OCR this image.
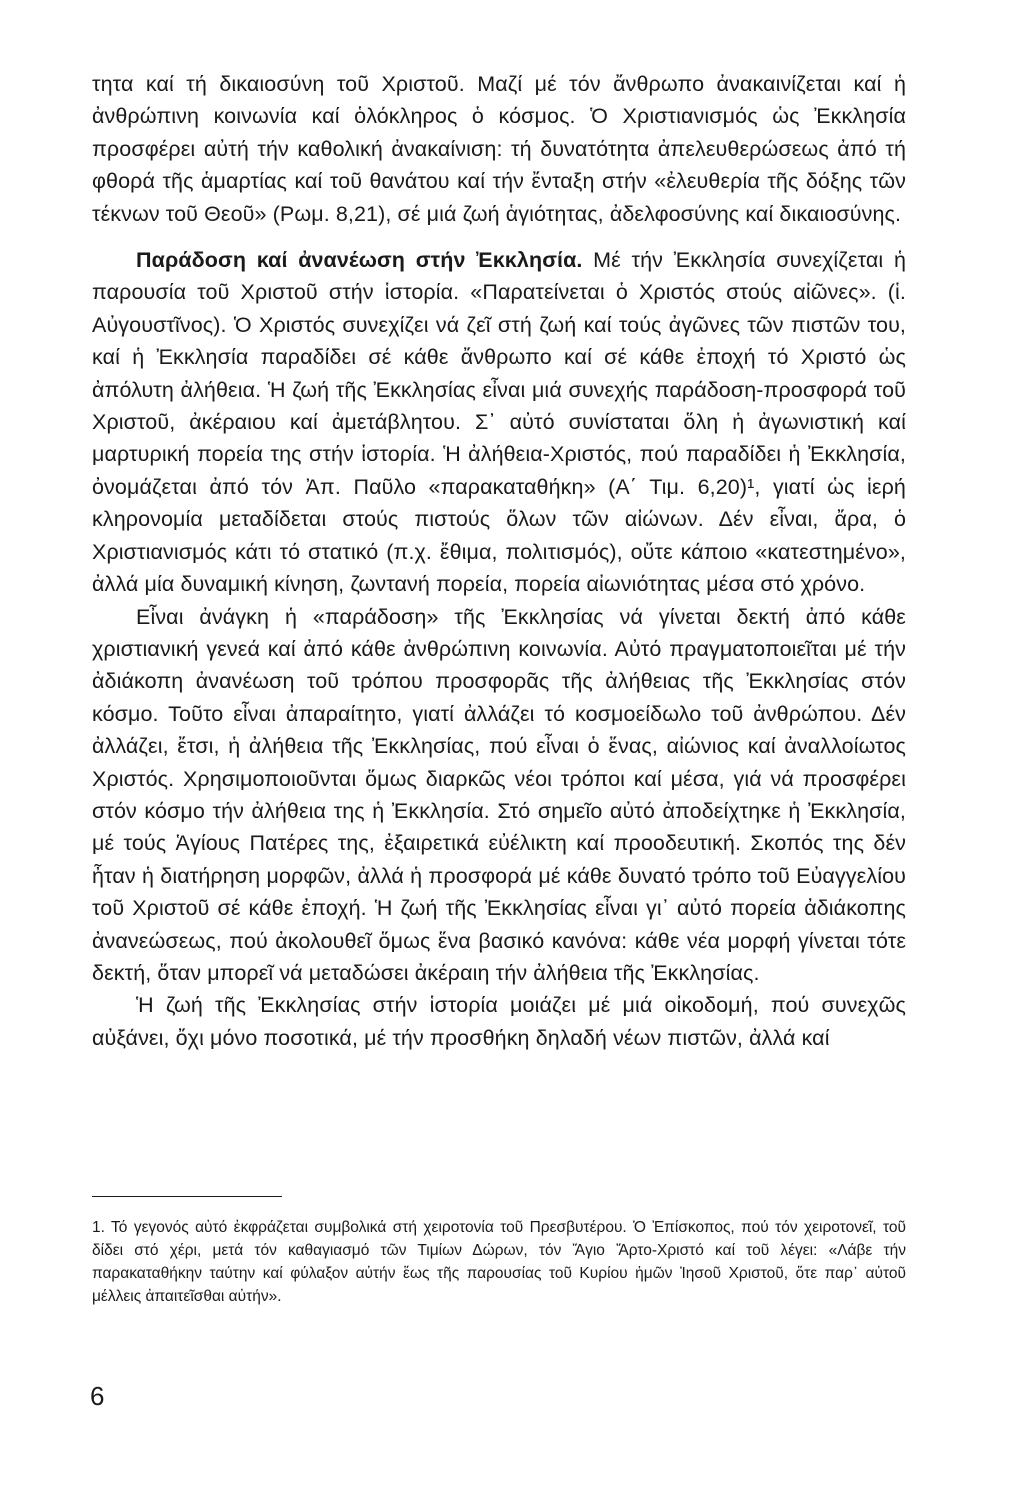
τητα καί τή δικαιοσύνη τοῦ Χριστοῦ. Μαζί μέ τόν ἄνθρωπο ἀνακαινίζεται καί ἡ ἀνθρώπινη κοινωνία καί ὁλόκληρος ὁ κόσμος. Ὁ Χριστιανισμός ὡς Ἐκκλησία προσφέρει αὐτή τήν καθολική ἀνακαίνιση: τή δυνατότητα ἀπελευθερώσεως ἀπό τή φθορά τῆς ἁμαρτίας καί τοῦ θανάτου καί τήν ἔνταξη στήν «ἐλευθερία τῆς δόξης τῶν τέκνων τοῦ Θεοῦ» (Ρωμ. 8,21), σέ μιά ζωή ἁγιότητας, ἀδελφοσύνης καί δικαιοσύνης.

Παράδοση καί ἀνανέωση στήν Ἐκκλησία. Μέ τήν Ἐκκλησία συνεχίζεται ἡ παρουσία τοῦ Χριστοῦ στήν ἱστορία. «Παρατείνεται ὁ Χριστός στούς αἰῶνες». (ἱ. Αὐγουστῖνος). Ὁ Χριστός συνεχίζει νά ζεῖ στή ζωή καί τούς ἀγῶνες τῶν πιστῶν του, καί ἡ Ἐκκλησία παραδίδει σέ κάθε ἄνθρωπο καί σέ κάθε ἐποχή τό Χριστό ὡς ἀπόλυτη ἀλήθεια. Ἡ ζωή τῆς Ἐκκλησίας εἶναι μιά συνεχής παράδοση-προσφορά τοῦ Χριστοῦ, ἀκέραιου καί ἀμετάβλητου. Σ᾽ αὐτό συνίσταται ὅλη ἡ ἀγωνιστική καί μαρτυρική πορεία της στήν ἱστορία. Ἡ ἀλήθεια-Χριστός, πού παραδίδει ἡ Ἐκκλησία, ὀνομάζεται ἀπό τόν Ἀπ. Παῦλο «παρακαταθήκη» (Α΄ Τιμ. 6,20)¹, γιατί ὡς ἱερή κληρονομία μεταδίδεται στούς πιστούς ὅλων τῶν αἰώνων. Δέν εἶναι, ἄρα, ὁ Χριστιανισμός κάτι τό στατικό (π.χ. ἔθιμα, πολιτισμός), οὔτε κάποιο «κατεστημένο», ἀλλά μία δυναμική κίνηση, ζωντανή πορεία, πορεία αἰωνιότητας μέσα στό χρόνο.

Εἶναι ἀνάγκη ἡ «παράδοση» τῆς Ἐκκλησίας νά γίνεται δεκτή ἀπό κάθε χριστιανική γενεά καί ἀπό κάθε ἀνθρώπινη κοινωνία. Αὐτό πραγματοποιεῖται μέ τήν ἀδιάκοπη ἀνανέωση τοῦ τρόπου προσφορᾶς τῆς ἀλήθειας τῆς Ἐκκλησίας στόν κόσμο. Τοῦτο εἶναι ἀπαραίτητο, γιατί ἀλλάζει τό κοσμοείδωλο τοῦ ἀνθρώπου. Δέν ἀλλάζει, ἔτσι, ἡ ἀλήθεια τῆς Ἐκκλησίας, πού εἶναι ὁ ἕνας, αἰώνιος καί ἀναλλοίωτος Χριστός. Χρησιμοποιοῦνται ὅμως διαρκῶς νέοι τρόποι καί μέσα, γιά νά προσφέρει στόν κόσμο τήν ἀλήθεια της ἡ Ἐκκλησία. Στό σημεῖο αὐτό ἀποδείχτηκε ἡ Ἐκκλησία, μέ τούς Ἁγίους Πατέρες της, ἐξαιρετικά εὐέλικτη καί προοδευτική. Σκοπός της δέν ἦταν ἡ διατήρηση μορφῶν, ἀλλά ἡ προσφορά μέ κάθε δυνατό τρόπο τοῦ Εὐαγγελίου τοῦ Χριστοῦ σέ κάθε ἐποχή. Ἡ ζωή τῆς Ἐκκλησίας εἶναι γι᾽ αὐτό πορεία ἀδιάκοπης ἀνανεώσεως, πού ἀκολουθεῖ ὅμως ἕνα βασικό κανόνα: κάθε νέα μορφή γίνεται τότε δεκτή, ὅταν μπορεῖ νά μεταδώσει ἀκέραιη τήν ἀλήθεια τῆς Ἐκκλησίας.

Ἡ ζωή τῆς Ἐκκλησίας στήν ἱστορία μοιάζει μέ μιά οἰκοδομή, πού συνεχῶς αὐξάνει, ὄχι μόνο ποσοτικά, μέ τήν προσθήκη δηλαδή νέων πιστῶν, ἀλλά καί

1. Τό γεγονός αὐτό ἐκφράζεται συμβολικά στή χειροτονία τοῦ Πρεσβυτέρου. Ὁ Ἐπίσκοπος, πού τόν χειροτονεῖ, τοῦ δίδει στό χέρι, μετά τόν καθαγιασμό τῶν Τιμίων Δώρων, τόν Ἅγιο Ἄρτο-Χριστό καί τοῦ λέγει: «Λάβε τήν παρακαταθήκην ταύτην καί φύλαξον αὐτήν ἕως τῆς παρουσίας τοῦ Κυρίου ἡμῶν Ἰησοῦ Χριστοῦ, ὅτε παρ᾽ αὐτοῦ μέλλεις ἀπαιτεῖσθαι αὐτήν».

6
